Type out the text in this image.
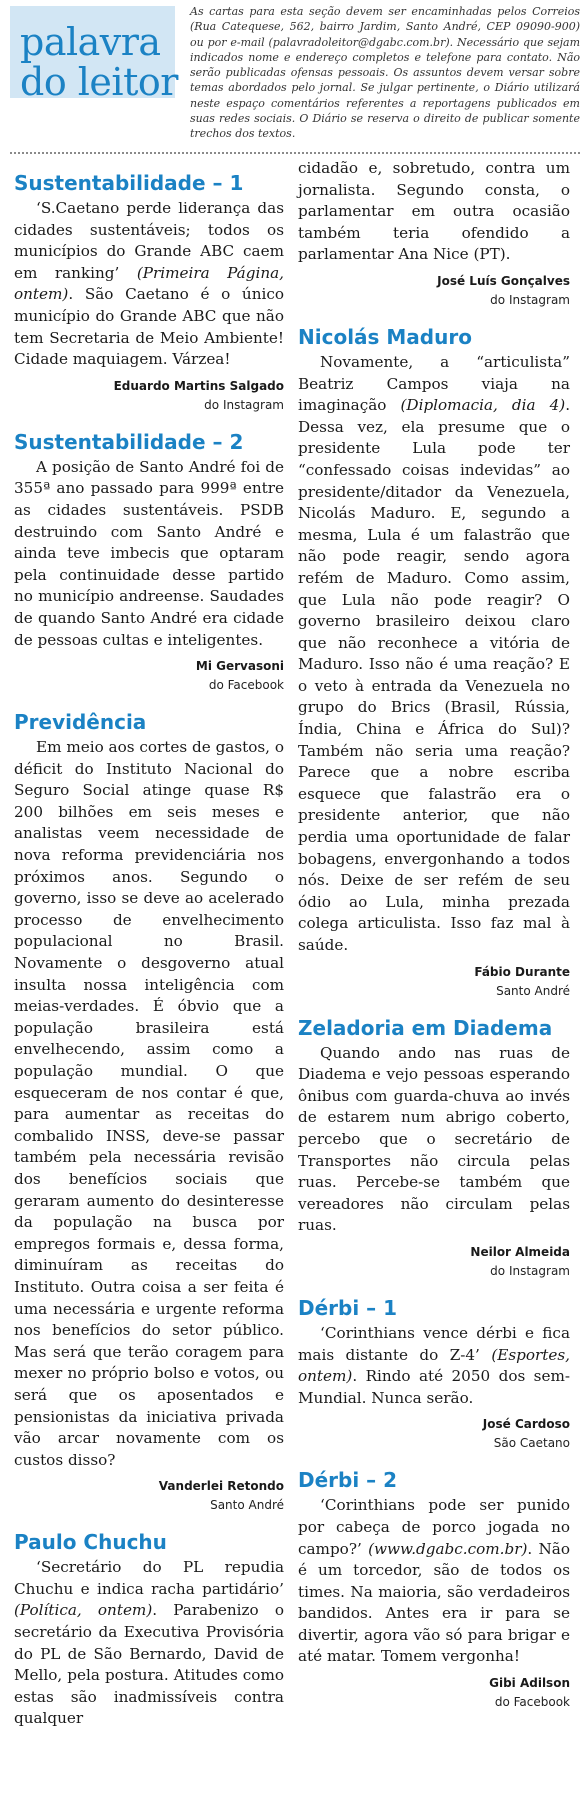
palavra
do leitor
As cartas para esta seção devem ser encaminhadas pelos Correios (Rua Catequese, 562, bairro Jardim, Santo André, CEP 09090-900) ou por e-mail (palavradoleitor@dgabc.com.br). Necessário que sejam indicados nome e endereço completos e telefone para contato. Não serão publicadas ofensas pessoais. Os assuntos devem versar sobre temas abordados pelo jornal. Se julgar pertinente, o Diário utilizará neste espaço comentários referentes a reportagens publicados em suas redes sociais. O Diário se reserva o direito de publicar somente trechos dos textos.
Sustentabilidade – 1

‘S.Caetano perde liderança das cidades sustentáveis; todos os municípios do Grande ABC caem em ranking’ (Primeira Página, ontem). São Caetano é o único município do Grande ABC que não tem Secretaria de Meio Ambiente! Cidade maquiagem. Várzea!

Eduardo Martins Salgado
do Instagram
Sustentabilidade – 2

A posição de Santo André foi de 355ª ano passado para 999ª entre as cidades sustentáveis. PSDB destruindo com Santo André e ainda teve imbecis que optaram pela continuidade desse partido no município andreense. Saudades de quando Santo André era cidade de pessoas cultas e inteligentes.

Mi Gervasoni
do Facebook
Previdência

Em meio aos cortes de gastos, o déficit do Instituto Nacional do Seguro Social atinge quase R$ 200 bilhões em seis meses e analistas veem necessidade de nova reforma previdenciária nos próximos anos. Segundo o governo, isso se deve ao acelerado processo de envelhecimento populacional no Brasil. Novamente o desgoverno atual insulta nossa inteligência com meias-verdades. É óbvio que a população brasileira está envelhecendo, assim como a população mundial. O que esqueceram de nos contar é que, para aumentar as receitas do combalido INSS, deve-se passar também pela necessária revisão dos benefícios sociais que geraram aumento do desinteresse da população na busca por empregos formais e, dessa forma, diminuíram as receitas do Instituto. Outra coisa a ser feita é uma necessária e urgente reforma nos benefícios do setor público. Mas será que terão coragem para mexer no próprio bolso e votos, ou será que os aposentados e pensionistas da iniciativa privada vão arcar novamente com os custos disso?

Vanderlei Retondo
Santo André
Paulo Chuchu

‘Secretário do PL repudia Chuchu e indica racha partidário’ (Política, ontem). Parabenizo o secretário da Executiva Provisória do PL de São Bernardo, David de Mello, pela postura. Atitudes como estas são inadmissíveis contra qualquer

cidadão e, sobretudo, contra um jornalista. Segundo consta, o parlamentar em outra ocasião também teria ofendido a parlamentar Ana Nice (PT).

José Luís Gonçalves
do Instagram
Nicolás Maduro

Novamente, a “articulista” Beatriz Campos viaja na imaginação (Diplomacia, dia 4). Dessa vez, ela presume que o presidente Lula pode ter “confessado coisas indevidas” ao presidente/ditador da Venezuela, Nicolás Maduro. E, segundo a mesma, Lula é um falastrão que não pode reagir, sendo agora refém de Maduro. Como assim, que Lula não pode reagir? O governo brasileiro deixou claro que não reconhece a vitória de Maduro. Isso não é uma reação? E o veto à entrada da Venezuela no grupo do Brics (Brasil, Rússia, Índia, China e África do Sul)? Também não seria uma reação? Parece que a nobre escriba esquece que falastrão era o presidente anterior, que não perdia uma oportunidade de falar bobagens, envergonhando a todos nós. Deixe de ser refém de seu ódio ao Lula, minha prezada colega articulista. Isso faz mal à saúde.

Fábio Durante
Santo André
Zeladoria em Diadema

Quando ando nas ruas de Diadema e vejo pessoas esperando ônibus com guarda-chuva ao invés de estarem num abrigo coberto, percebo que o secretário de Transportes não circula pelas ruas. Percebe-se também que vereadores não circulam pelas ruas.

Neilor Almeida
do Instagram
Dérbi – 1

‘Corinthians vence dérbi e fica mais distante do Z-4’ (Esportes, ontem). Rindo até 2050 dos sem-Mundial. Nunca serão.

José Cardoso
São Caetano
Dérbi – 2

‘Corinthians pode ser punido por cabeça de porco jogada no campo?’ (www.dgabc.com.br). Não é um torcedor, são de todos os times. Na maioria, são verdadeiros bandidos. Antes era ir para se divertir, agora vão só para brigar e até matar. Tomem vergonha!

Gibi Adilson
do Facebook
